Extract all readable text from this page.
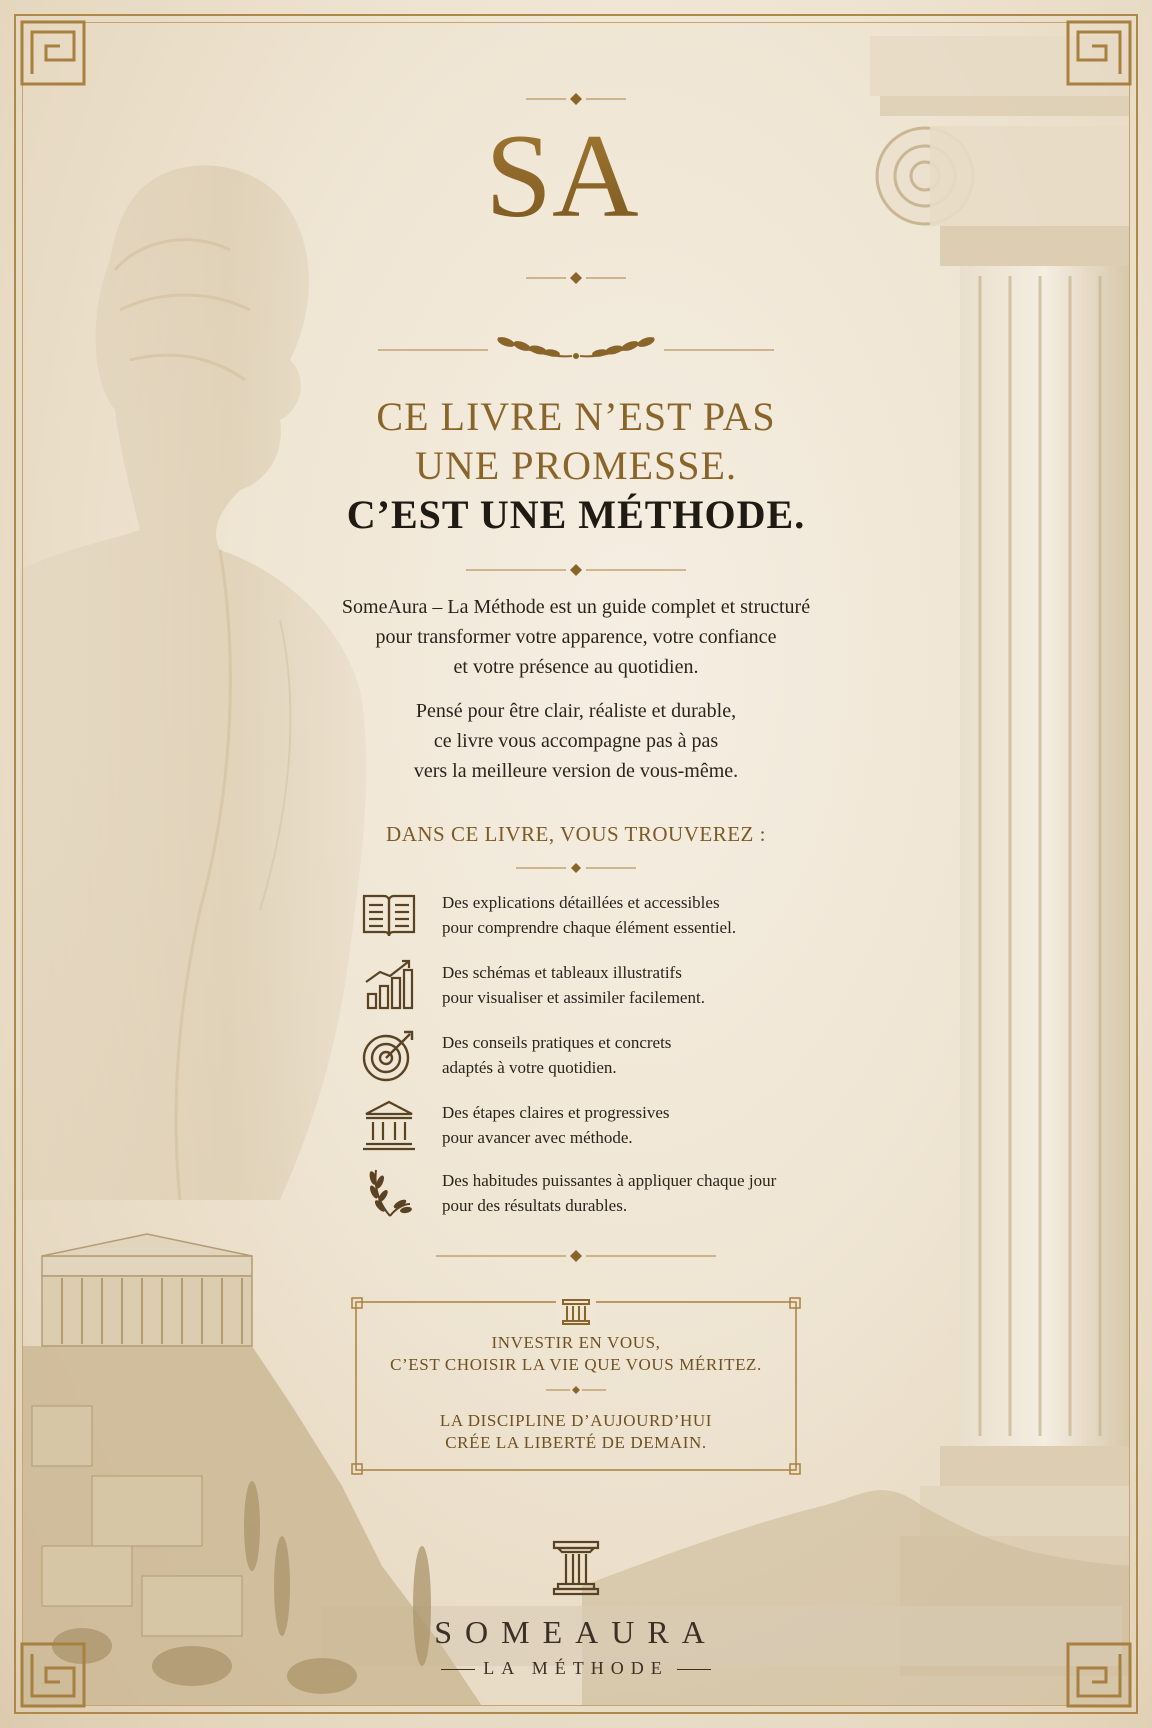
SA
CE LIVRE N’EST PAS
UNE PROMESSE.
C’EST UNE MÉTHODE.
SomeAura – La Méthode est un guide complet et structuré
pour transformer votre apparence, votre confiance
et votre présence au quotidien.
Pensé pour être clair, réaliste et durable,
ce livre vous accompagne pas à pas
vers la meilleure version de vous-même.
DANS CE LIVRE, VOUS TROUVEREZ :
Des explications détaillées et accessibles
pour comprendre chaque élément essentiel.
Des schémas et tableaux illustratifs
pour visualiser et assimiler facilement.
Des conseils pratiques et concrets
adaptés à votre quotidien.
Des étapes claires et progressives
pour avancer avec méthode.
Des habitudes puissantes à appliquer chaque jour
pour des résultats durables.
INVESTIR EN VOUS,
C’EST CHOISIR LA VIE QUE VOUS MÉRITEZ.
LA DISCIPLINE D’AUJOURD’HUI
CRÉE LA LIBERTÉ DE DEMAIN.
SOMEAURA
LA MÉTHODE
